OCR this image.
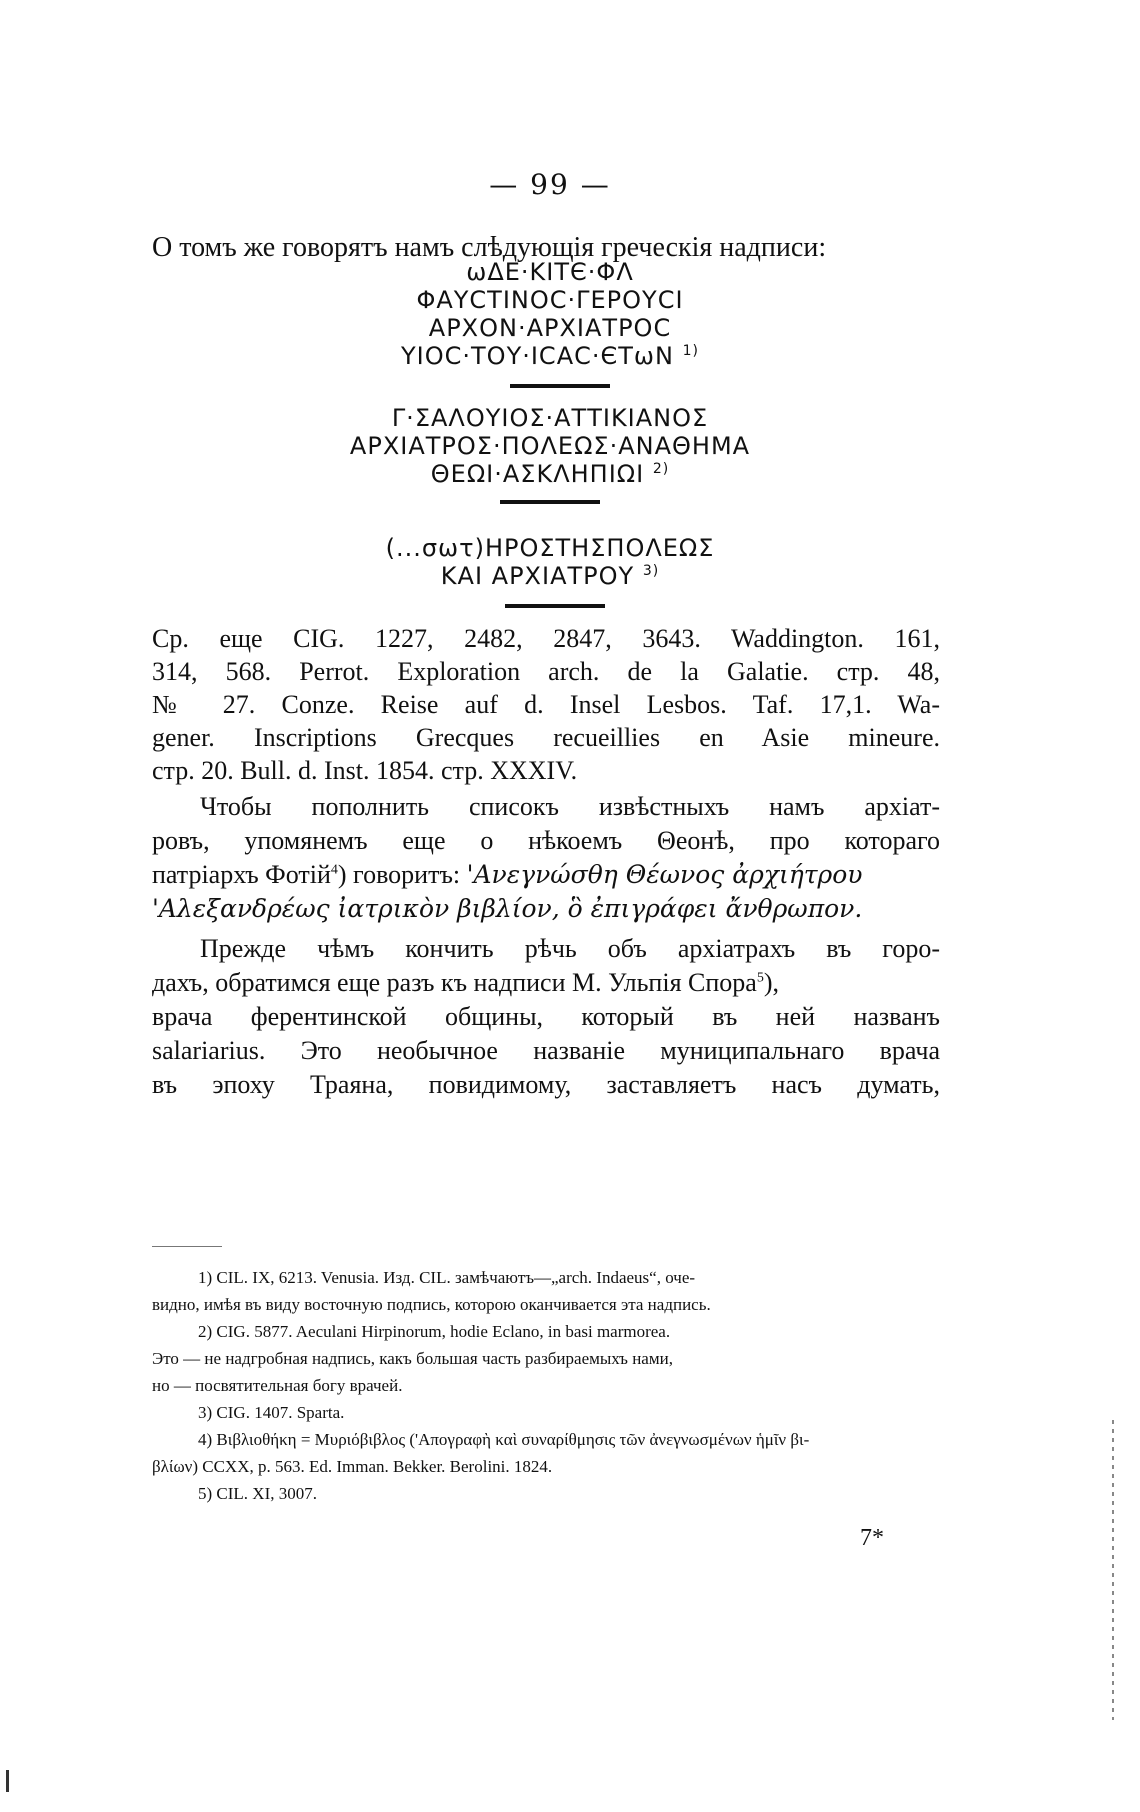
— 99 —
О томъ же говорятъ намъ слѣдующія греческія надписи:
ωΔΕ·ΚΙΤЄ·ΦΛ
ΦΑΥCΤΙΝΟC·ΓΕΡΟΥCΙ
ΑΡΧΟΝ·ΑΡΧΙΑΤΡΟC
ΥΙΟC·ΤΟΥ·ΙCΑC·ЄΤωΝ $^{1)}$
Γ·ΣΑΛΟΥΙΟΣ·ΑΤΤΙΚΙΑΝΟΣ
ΑΡΧΙΑΤΡΟΣ·ΠΟΛΕΩΣ·ΑΝΑΘΗΜΑ
ΘΕΩΙ·ΑΣΚΛΗΠΙΩΙ $^{2)}$
(...σωτ)ΗΡΟΣΤΗΣΠΟΛΕΩΣ
ΚΑΙ ΑΡΧΙΑΤΡΟΥ $^{3)}$
Ср. еще CIG. 1227, 2482, 2847, 3643. Waddington. 161,
314, 568. Perrot. Exploration arch. de la Galatie. стр. 48,
№ 27. Conze. Reise auf d. Insel Lesbos. Taf. 17,1. Wa-
gener. Inscriptions Grecques recueillies en Asie mineure.
стр. 20. Bull. d. Inst. 1854. стр. XXXIV.
Чтобы пополнить списокъ извѣстныхъ намъ архіат-
ровъ, упомянемъ еще о нѣкоемъ Θеонѣ, про котораго
патріархъ Фотій$^4$) говоритъ: 'Ανεγνώσθη Θέωνος ἀρχιήτρου
'Αλεξανδρέως ἰατρικὸν βιβλίον, ὃ ἐπιγράφει ἄνθρωπον.
Прежде чѣмъ кончить рѣчь объ архіатрахъ въ горо-
дахъ, обратимся еще разъ къ надписи М. Ульпія Спора$^5$),
врача ферентинской общины, который въ ней названъ
salariarius. Это необычное названіе муниципальнаго врача
въ эпоху Траяна, повидимому, заставляетъ насъ думать,
1) CIL. IX, 6213. Venusia. Изд. CIL. замѣчаютъ—„arch. Indaeus“, оче-
видно, имѣя въ виду восточную подпись, которою оканчивается эта надпись.
2) CIG. 5877. Aeculani Hirpinorum, hodie Eclano, in basi marmorea.
Это — не надгробная надпись, какъ большая часть разбираемыхъ нами,
но — посвятительная богу врачей.
3) CIG. 1407. Sparta.
4) Βιβλιοθήκη = Μυριόβιβλος ('Απογραφὴ καὶ συναρίθμησις τῶν ἀνεγνωσμένων ἡμῖν βι-
βλίων) CCXX, p. 563. Ed. Imman. Bekker. Berolini. 1824.
5) CIL. XI, 3007.
7*
